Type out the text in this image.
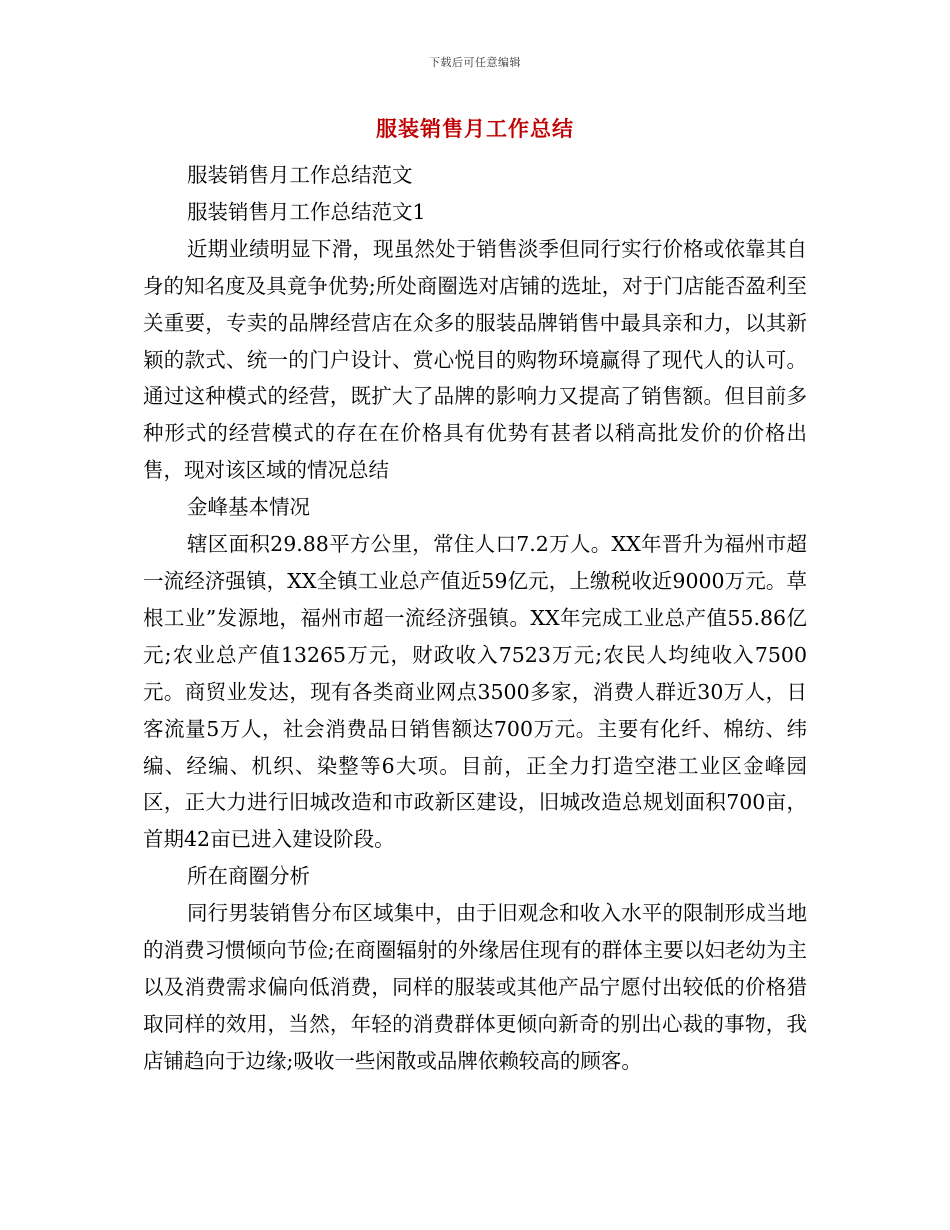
下载后可任意编辑
服装销售月工作总结

服装销售月工作总结范文

服装销售月工作总结范文1

近期业绩明显下滑，现虽然处于销售淡季但同行实行价格或依靠其自身的知名度及具竟争优势;所处商圈选对店铺的选址，对于门店能否盈利至关重要，专卖的品牌经营店在众多的服装品牌销售中最具亲和力，以其新颖的款式、统一的门户设计、赏心悦目的购物环境赢得了现代人的认可。通过这种模式的经营，既扩大了品牌的影响力又提高了销售额。但目前多种形式的经营模式的存在在价格具有优势有甚者以稍高批发价的价格出售，现对该区域的情况总结

金峰基本情况

辖区面积29.88平方公里，常住人口7.2万人。XX年晋升为福州市超一流经济强镇，XX全镇工业总产值近59亿元，上缴税收近9000万元。草根工业”发源地，福州市超一流经济强镇。XX年完成工业总产值55.86亿元;农业总产值13265万元，财政收入7523万元;农民人均纯收入7500元。商贸业发达，现有各类商业网点3500多家，消费人群近30万人，日客流量5万人，社会消费品日销售额达700万元。主要有化纤、棉纺、纬编、经编、机织、染整等6大项。目前，正全力打造空港工业区金峰园区，正大力进行旧城改造和市政新区建设，旧城改造总规划面积700亩，首期42亩已进入建设阶段。

所在商圈分析

同行男装销售分布区域集中，由于旧观念和收入水平的限制形成当地的消费习惯倾向节俭;在商圈辐射的外缘居住现有的群体主要以妇老幼为主以及消费需求偏向低消费，同样的服装或其他产品宁愿付出较低的价格猎取同样的效用，当然，年轻的消费群体更倾向新奇的别出心裁的事物，我店铺趋向于边缘;吸收一些闲散或品牌依赖较高的顾客。
